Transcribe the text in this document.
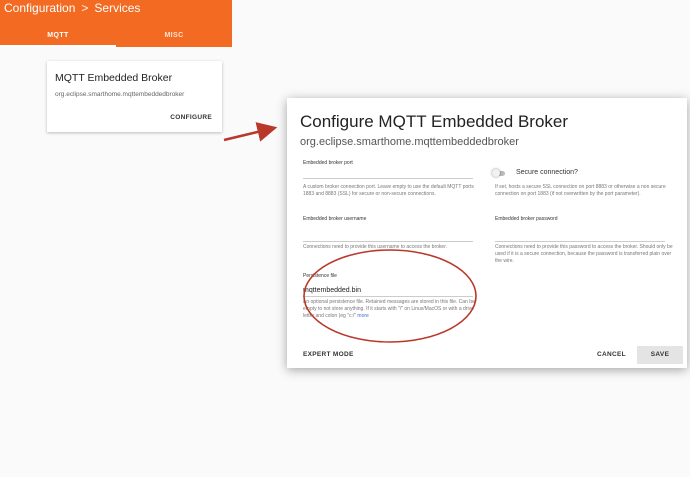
Configuration > Services
MQTT	MISC
MQTT Embedded Broker
org.eclipse.smarthome.mqttembeddedbroker
CONFIGURE	Configure MQTT Embedded Broker
org.eclipse.smarthome.mqttembeddedbroker
Embedded broker port
A custom broker connection port. Leave empty to use the default MQTT ports 1883 and 8883 (SSL) for secure or non-secure connections.
Secure connection?
If set, hosts a secure SSL connection on port 8883 or otherwise a non secure connection on port 1883 (if not overwritten by the port parameter).
Embedded broker username
Connections need to provide this username to access the broker.
Embedded broker password
Connections need to provide this password to access the broker. Should only be used if it is a secure connection, because the password is transferred plain over the wire.
Persistence file
mqttembedded.bin
An optional persistence file. Retained messages are stored in this file. Can be empty to not store anything. If it starts with "/" on Linux/MacOS or with a drive letter and colon (eg "c:/" more
EXPERT MODE	CANCEL	SAVE
